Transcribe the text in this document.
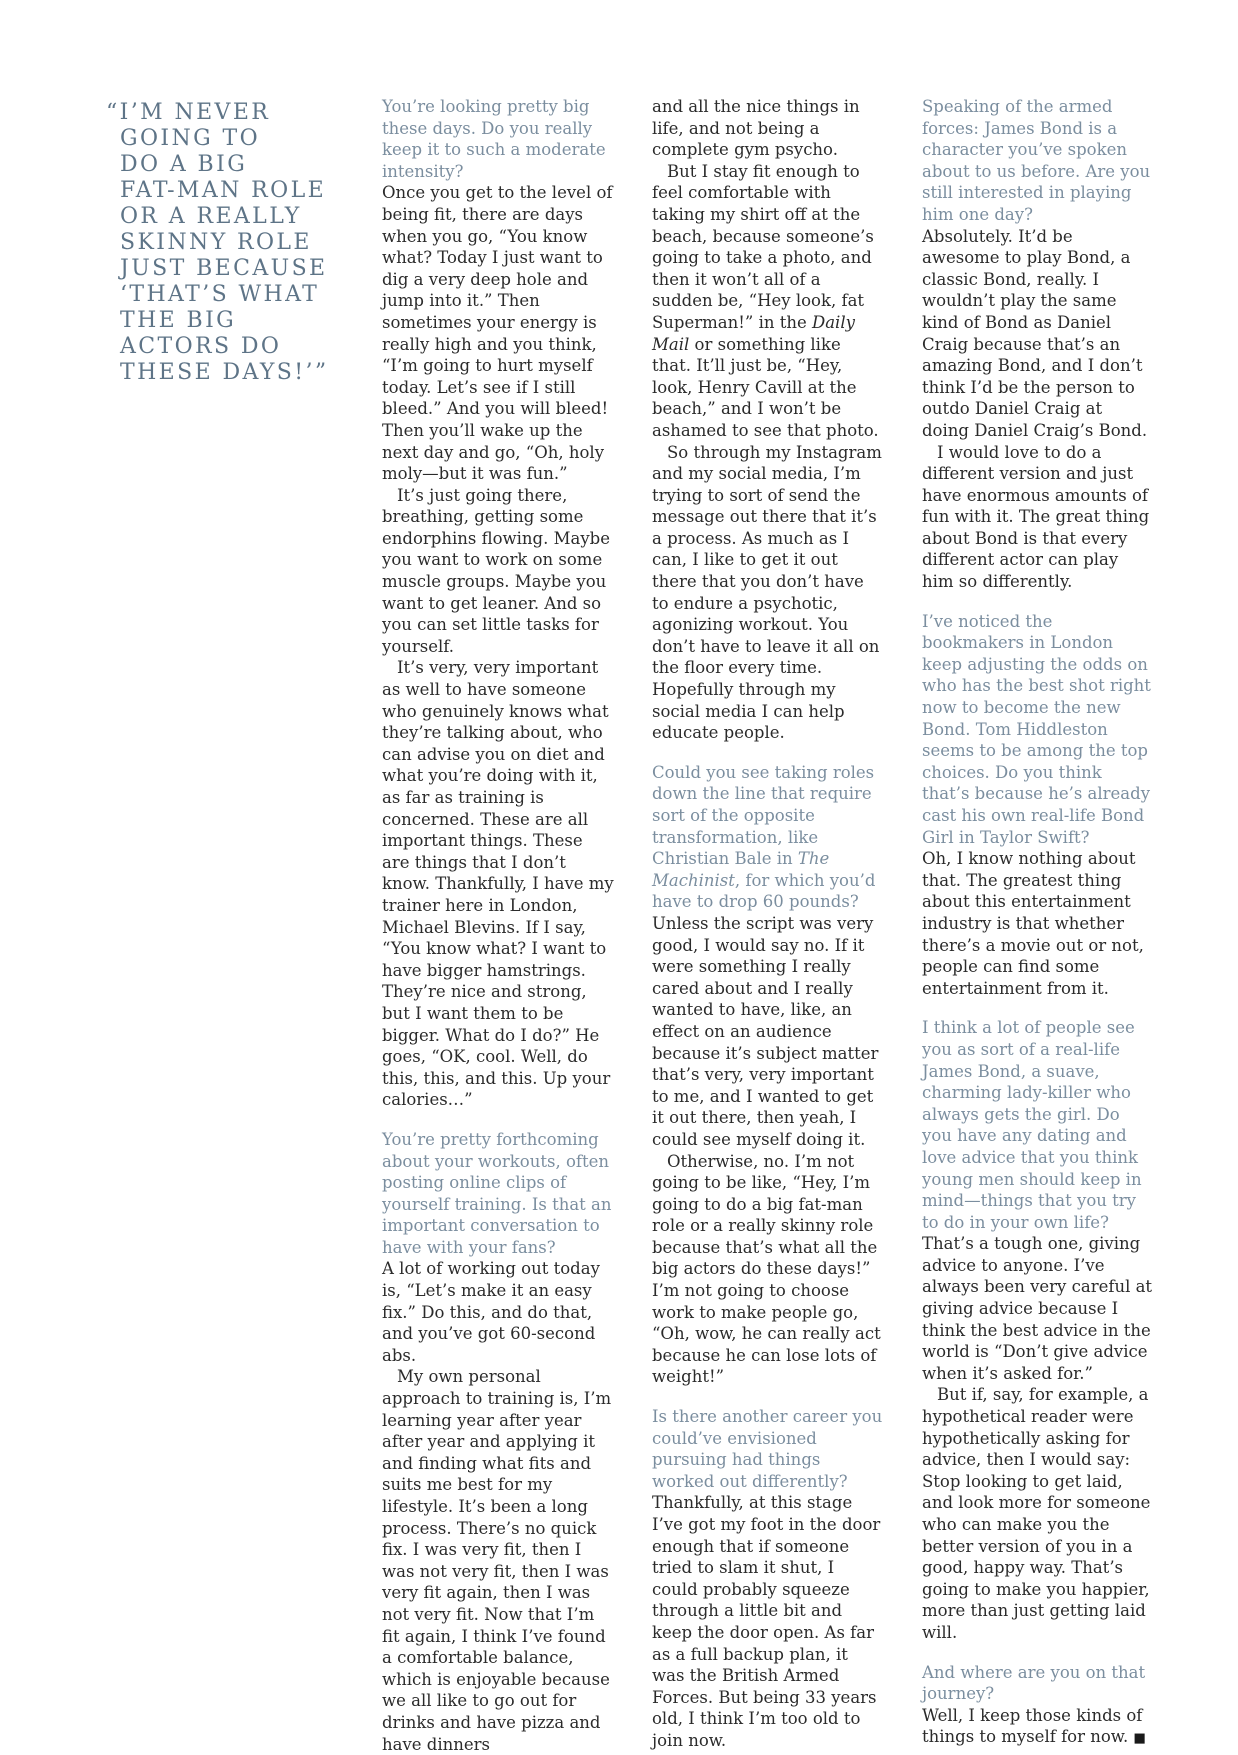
“I’M NEVER
GOING TO
DO A BIG
FAT-MAN ROLE
OR A REALLY
SKINNY ROLE
JUST BECAUSE
‘THAT’S WHAT
THE BIG
ACTORS DO
THESE DAYS!’”

You’re looking pretty big these days. Do you really keep it to such a moderate intensity?

Once you get to the level of being fit, there are days when you go, “You know what? Today I just want to dig a very deep hole and jump into it.” Then sometimes your energy is really high and you think, “I’m going to hurt myself today. Let’s see if I still bleed.” And you will bleed! Then you’ll wake up the next day and go, “Oh, holy moly—but it was fun.”

It’s just going there, breathing, getting some endorphins flowing. Maybe you want to work on some muscle groups. Maybe you want to get leaner. And so you can set little tasks for yourself.

It’s very, very important as well to have someone who genuinely knows what they’re talking about, who can advise you on diet and what you’re doing with it, as far as training is concerned. These are all important things. These are things that I don’t know. Thankfully, I have my trainer here in London, Michael Blevins. If I say, “You know what? I want to have bigger hamstrings. They’re nice and strong, but I want them to be bigger. What do I do?” He goes, “OK, cool. Well, do this, this, and this. Up your calories…”

You’re pretty forthcoming about your workouts, often posting online clips of yourself training. Is that an important conversation to have with your fans?

A lot of working out today is, “Let’s make it an easy fix.” Do this, and do that, and you’ve got 60-second abs.

My own personal approach to training is, I’m learning year after year after year and applying it and finding what fits and suits me best for my lifestyle. It’s been a long process. There’s no quick fix. I was very fit, then I was not very fit, then I was very fit again, then I was not very fit. Now that I’m fit again, I think I’ve found a comfortable balance, which is enjoyable because we all like to go out for drinks and have pizza and have dinners

and all the nice things in life, and not being a complete gym psycho.

But I stay fit enough to feel comfortable with taking my shirt off at the beach, because someone’s going to take a photo, and then it won’t all of a sudden be, “Hey look, fat Superman!” in the Daily Mail or something like that. It’ll just be, “Hey, look, Henry Cavill at the beach,” and I won’t be ashamed to see that photo.

So through my Instagram and my social media, I’m trying to sort of send the message out there that it’s a process. As much as I can, I like to get it out there that you don’t have to endure a psychotic, agonizing workout. You don’t have to leave it all on the floor every time. Hopefully through my social media I can help educate people.

Could you see taking roles down the line that require sort of the opposite transformation, like Christian Bale in The Machinist, for which you’d have to drop 60 pounds?

Unless the script was very good, I would say no. If it were something I really cared about and I really wanted to have, like, an effect on an audience because it’s subject matter that’s very, very important to me, and I wanted to get it out there, then yeah, I could see myself doing it.

Otherwise, no. I’m not going to be like, “Hey, I’m going to do a big fat-man role or a really skinny role because that’s what all the big actors do these days!” I’m not going to choose work to make people go, “Oh, wow, he can really act because he can lose lots of weight!”

Is there another career you could’ve envisioned pursuing had things worked out differently?

Thankfully, at this stage I’ve got my foot in the door enough that if someone tried to slam it shut, I could probably squeeze through a little bit and keep the door open. As far as a full backup plan, it was the British Armed Forces. But being 33 years old, I think I’m too old to join now.

Speaking of the armed forces: James Bond is a character you’ve spoken about to us before. Are you still interested in playing him one day?

Absolutely. It’d be awesome to play Bond, a classic Bond, really. I wouldn’t play the same kind of Bond as Daniel Craig because that’s an amazing Bond, and I don’t think I’d be the person to outdo Daniel Craig at doing Daniel Craig’s Bond.

I would love to do a different version and just have enormous amounts of fun with it. The great thing about Bond is that every different actor can play him so differently.

I’ve noticed the bookmakers in London keep adjusting the odds on who has the best shot right now to become the new Bond. Tom Hiddleston seems to be among the top choices. Do you think that’s because he’s already cast his own real-life Bond Girl in Taylor Swift?

Oh, I know nothing about that. The greatest thing about this entertainment industry is that whether there’s a movie out or not, people can find some entertainment from it.

I think a lot of people see you as sort of a real-life James Bond, a suave, charming lady-killer who always gets the girl. Do you have any dating and love advice that you think young men should keep in mind—things that you try to do in your own life?

That’s a tough one, giving advice to anyone. I’ve always been very careful at giving advice because I think the best advice in the world is “Don’t give advice when it’s asked for.”

But if, say, for example, a hypothetical reader were hypothetically asking for advice, then I would say: Stop looking to get laid, and look more for someone who can make you the better version of you in a good, happy way. That’s going to make you happier, more than just getting laid will.

And where are you on that journey?

Well, I keep those kinds of things to myself for now. ■
